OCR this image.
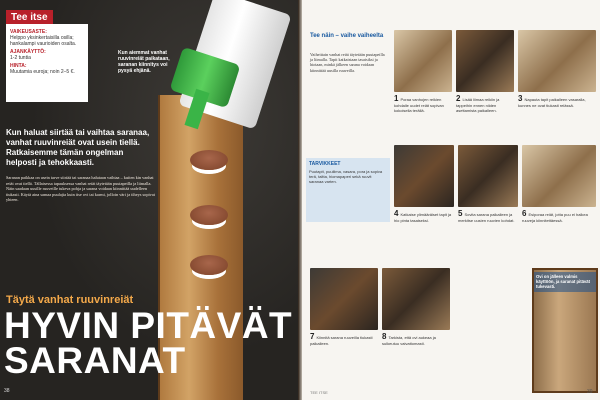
Tee itse
VAIKEUSASTE:
Helppo yksinkertaisilla osilla; hankalampi vaurioiden osalta.
AJANKÄYTTÖ:
1-2 tuntia
HINTA:
Muutamia euroja; noin 2–5 €.
Kun aiemmat vanhat ruuvinreiät paikataan, saranan kiinnitys voi pysyä ehjänä.
Kun haluat siirtää tai vaihtaa saranaa, vanhat ruuvinreiät ovat usein tiellä. Ratkaisemme tämän ongelman helposti ja tehokkaasti.
Saranan paikkaa on usein tarve siirtää tai saranaa halutaan vaihtaa – kuiten kin vanhat reiät ovat tiellä. Tällaisessa tapauksessa vanhat reiät täytetään puutapeilla ja liimalla. Näin saadaan uusille ruuveille tukeva pohja ja sarana voidaan kiinnittää uudelleen tiukasti. Käytä aina samaa puulajia kuin itse ovi tai karmi, jolloin väri ja tiheys sopivat yhteen.
Täytä vanhat ruuvinreiät
HYVIN PITÄVÄT
SARANAT
38
Tee näin – vaihe vaiheelta
Vaiheittain vanhat reiät täytetään puutapeilla ja liimalla. Tapit katkaistaan tasaisiksi ja hiotaan, minkä jälkeen sarana voidaan kiinnittää uusilla ruuveilla.
TARVIKKEET
Puutapit, puuliima, vasara, pora ja sopiva terä, taltta, hiomapaperi sekä ruuvit saranaa varten.
1 Poraa vanhojen reikien kohdalle uudet reiät sopivan kokoisella terällä.
2 Lisää liimaa reikiin ja tappeihin ennen niiden asettamista paikalleen.
3 Napauta tapit paikalleen vasaralla, kunnes ne ovat tiukasti reiässä.
4 Katkaise ylimääräiset tapit ja hio pinta tasaiseksi.
5 Sovita sarana paikalleen ja merkitse uusien ruuvien kohdat.
6 Esiporaa reiät, jotta puu ei halkea ruuveja kiinnitettäessä.
7 Kiinnitä sarana ruuveilla tiukasti paikalleen.
8 Tarkista, että ovi aukeaa ja sulkeutuu vaivattomasti.
Ovi on jälleen valmis käyttöön, ja saranat pitävät tukevasti.
TEE ITSE	39
